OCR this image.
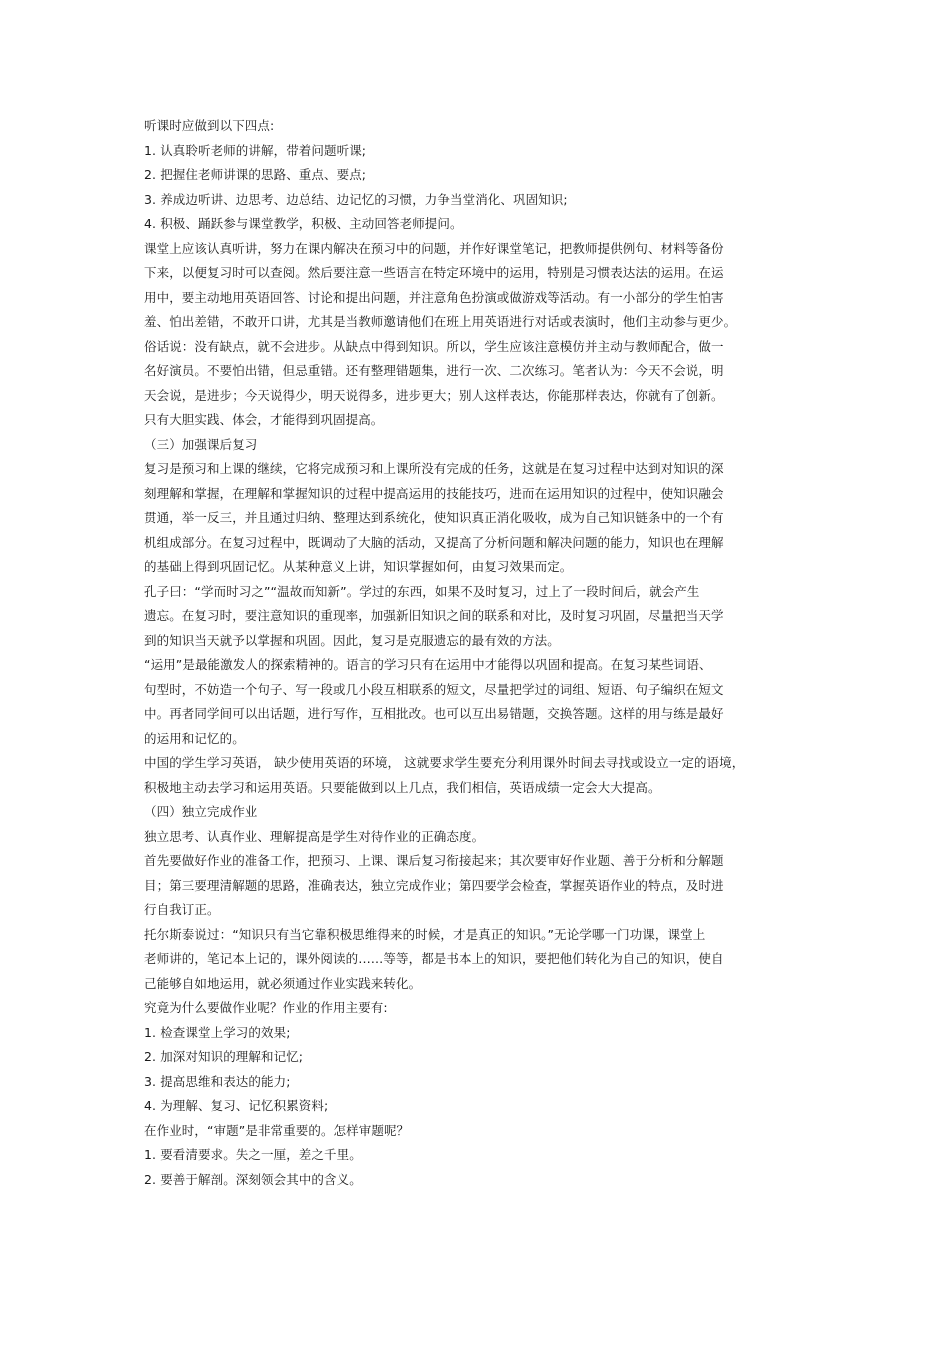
听课时应做到以下四点:
1. 认真聆听老师的讲解，带着问题听课;
2. 把握住老师讲课的思路、重点、要点;
3. 养成边听讲、边思考、边总结、边记忆的习惯，力争当堂消化、巩固知识;
4. 积极、踊跃参与课堂教学，积极、主动回答老师提问。
课堂上应该认真听讲，努力在课内解决在预习中的问题，并作好课堂笔记，把教师提供例句、材料等备份
下来，以便复习时可以查阅。然后要注意一些语言在特定环境中的运用，特别是习惯表达法的运用。在运
用中，要主动地用英语回答、讨论和提出问题，并注意角色扮演或做游戏等活动。有一小部分的学生怕害
羞、怕出差错，不敢开口讲，尤其是当教师邀请他们在班上用英语进行对话或表演时，他们主动参与更少。
俗话说：没有缺点，就不会进步。从缺点中得到知识。所以，学生应该注意模仿并主动与教师配合，做一
名好演员。不要怕出错，但忌重错。还有整理错题集，进行一次、二次练习。笔者认为：今天不会说，明
天会说，是进步；今天说得少，明天说得多，进步更大；别人这样表达，你能那样表达，你就有了创新。
只有大胆实践、体会，才能得到巩固提高。
（三）加强课后复习
复习是预习和上课的继续，它将完成预习和上课所没有完成的任务，这就是在复习过程中达到对知识的深
刻理解和掌握，在理解和掌握知识的过程中提高运用的技能技巧，进而在运用知识的过程中，使知识融会
贯通，举一反三，并且通过归纳、整理达到系统化，使知识真正消化吸收，成为自己知识链条中的一个有
机组成部分。在复习过程中，既调动了大脑的活动，又提高了分析问题和解决问题的能力，知识也在理解
的基础上得到巩固记忆。从某种意义上讲，知识掌握如何，由复习效果而定。
孔子曰：“学而时习之”“温故而知新”。学过的东西，如果不及时复习，过上了一段时间后，就会产生
遗忘。在复习时，要注意知识的重现率，加强新旧知识之间的联系和对比，及时复习巩固，尽量把当天学
到的知识当天就予以掌握和巩固。因此，复习是克服遗忘的最有效的方法。
“运用”是最能激发人的探索精神的。语言的学习只有在运用中才能得以巩固和提高。在复习某些词语、
句型时，不妨造一个句子、写一段或几小段互相联系的短文，尽量把学过的词组、短语、句子编织在短文
中。再者同学间可以出话题，进行写作，互相批改。也可以互出易错题，交换答题。这样的用与练是最好
的运用和记忆的。
中国的学生学习英语， 缺少使用英语的环境， 这就要求学生要充分利用课外时间去寻找或设立一定的语境，
积极地主动去学习和运用英语。只要能做到以上几点，我们相信，英语成绩一定会大大提高。
（四）独立完成作业
独立思考、认真作业、理解提高是学生对待作业的正确态度。
首先要做好作业的准备工作，把预习、上课、课后复习衔接起来；其次要审好作业题、善于分析和分解题
目；第三要理清解题的思路，准确表达，独立完成作业；第四要学会检查，掌握英语作业的特点，及时进
行自我订正。
托尔斯泰说过：“知识只有当它靠积极思维得来的时候，才是真正的知识。”无论学哪一门功课，课堂上
老师讲的，笔记本上记的，课外阅读的……等等，都是书本上的知识，要把他们转化为自己的知识，使自
己能够自如地运用，就必须通过作业实践来转化。
究竟为什么要做作业呢？作业的作用主要有:
1. 检查课堂上学习的效果;
2. 加深对知识的理解和记忆;
3. 提高思维和表达的能力;
4. 为理解、复习、记忆积累资料;
在作业时，“审题”是非常重要的。怎样审题呢？
1. 要看清要求。失之一厘，差之千里。
2. 要善于解剖。深刻领会其中的含义。
